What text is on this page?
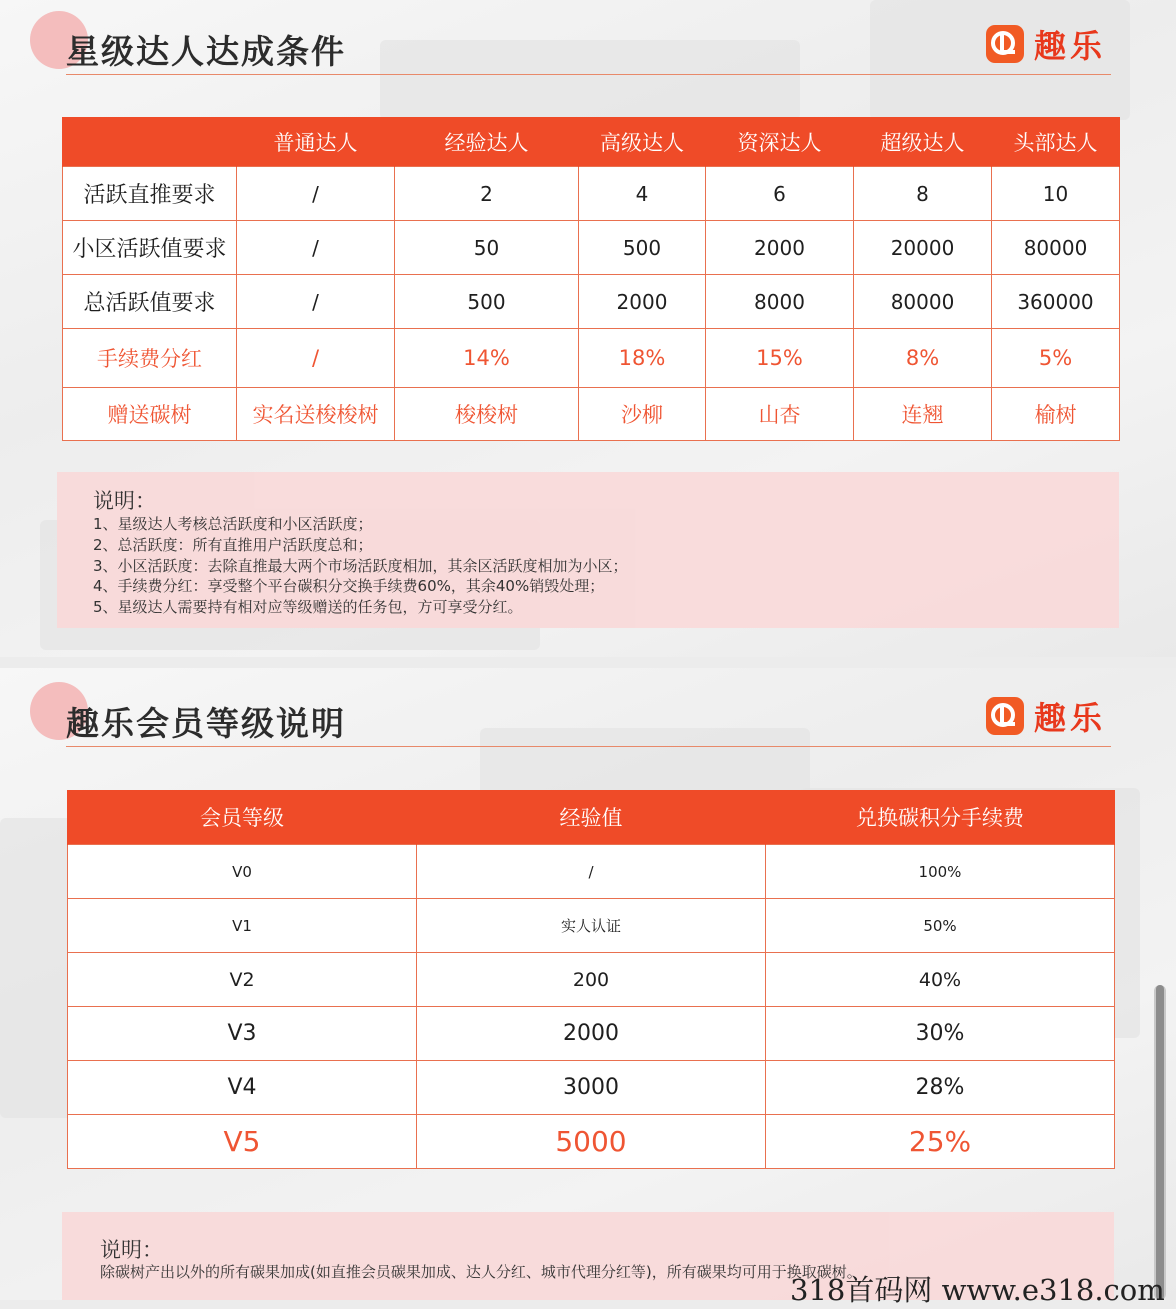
星级达人达成条件	趣乐
	普通达人	经验达人	高级达人	资深达人	超级达人	头部达人
活跃直推要求	/	2	4	6	8	10
小区活跃值要求	/	50	500	2000	20000	80000
总活跃值要求	/	500	2000	8000	80000	360000
手续费分红	/	14%	18%	15%	8%	5%
赠送碳树	实名送梭梭树	梭梭树	沙柳	山杏	连翘	榆树
说明：
1、星级达人考核总活跃度和小区活跃度；
2、总活跃度：所有直推用户活跃度总和；
3、小区活跃度：去除直推最大两个市场活跃度相加，其余区活跃度相加为小区；
4、手续费分红：享受整个平台碳积分交换手续费60%，其余40%销毁处理；
5、星级达人需要持有相对应等级赠送的任务包，方可享受分红。
趣乐会员等级说明	趣乐
会员等级	经验值	兑换碳积分手续费
V0	/	100%
V1	实人认证	50%
V2	200	40%
V3	2000	30%
V4	3000	28%
V5	5000	25%
说明：
除碳树产出以外的所有碳果加成(如直推会员碳果加成、达人分红、城市代理分红等)，所有碳果均可用于换取碳树。
318首码网 www.e318.com
